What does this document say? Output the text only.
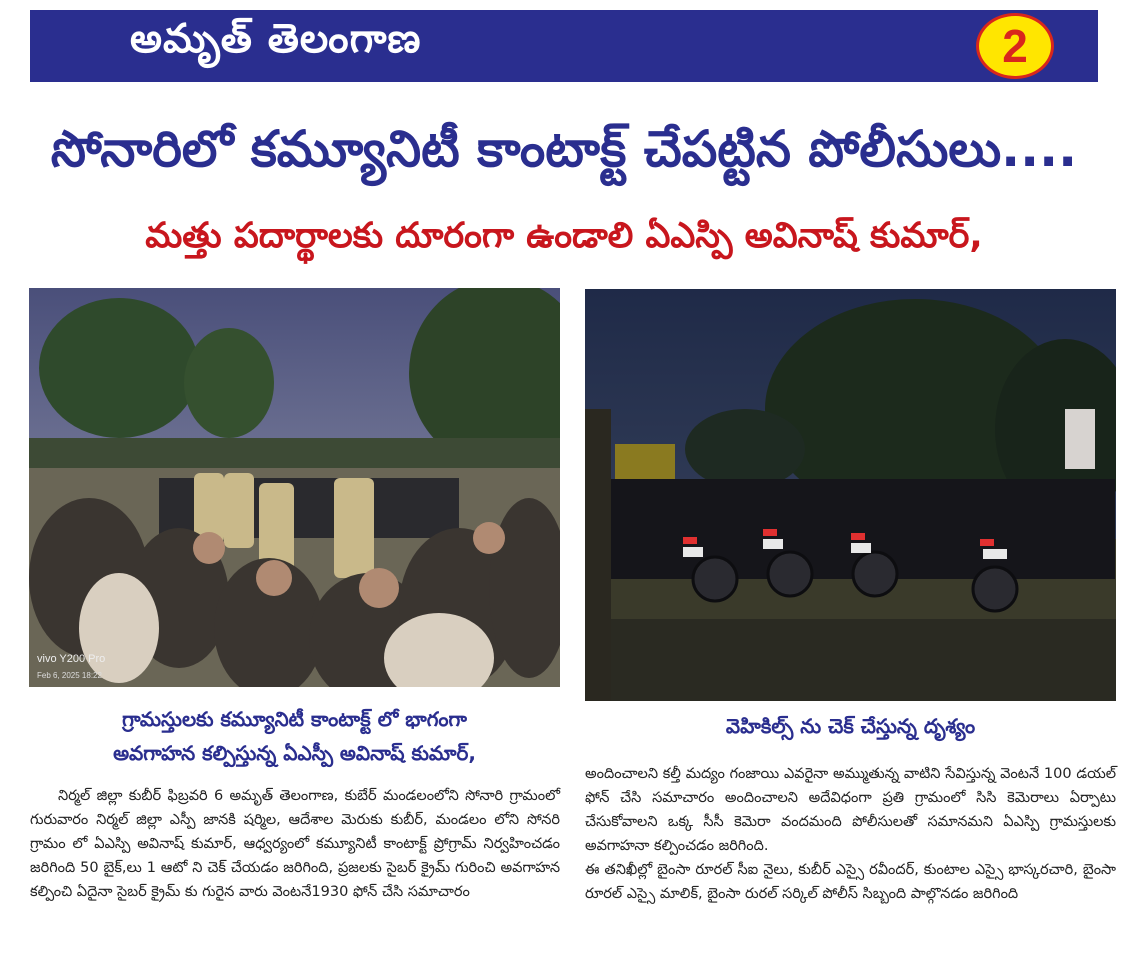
అమృత్ తెలంగాణ	2
సోనారిలో కమ్యూనిటీ కాంటాక్ట్ చేపట్టిన పోలీసులు....
మత్తు పదార్థాలకు దూరంగా ఉండాలి ఏఎస్పి అవినాష్ కుమార్,
vivo Y200 Pro
Feb 6, 2025 18:22
గ్రామస్తులకు కమ్యూనిటీ కాంటాక్ట్ లో భాగంగా
అవగాహన కల్పిస్తున్న ఏఎస్పీ అవినాష్ కుమార్,
వెహికిల్స్ ను చెక్ చేస్తున్న దృశ్యం
నిర్మల్ జిల్లా కుబీర్ ఫిబ్రవరి 6 అమృత్ తెలంగాణ, కుబేర్ మండలంలోని సోనారి గ్రామంలో గురువారం నిర్మల్ జిల్లా ఎస్పీ జానకి షర్మిల, ఆదేశాల మెరుకు కుబీర్, మండలం లోని సోనరి గ్రామం లో ఏఎస్పి అవినాష్ కుమార్, ఆధ్వర్యంలో కమ్యూనిటీ కాంటాక్ట్ ప్రోగ్రామ్ నిర్వహించడం జరిగింది 50 బైక్,లు 1 ఆటో ని చెక్ చేయడం జరిగింది, ప్రజలకు సైబర్ క్రైమ్ గురించి అవగాహన కల్పించి ఏదైనా సైబర్ క్రైమ్ కు గురైన వారు వెంటనే1930 ఫోన్ చేసి సమాచారం
అందించాలని కల్తీ మద్యం గంజాయి ఎవరైనా అమ్ముతున్న వాటిని సేవిస్తున్న వెంటనే 100 డయల్ ఫోన్ చేసి సమాచారం అందించాలని అదేవిధంగా ప్రతి గ్రామంలో సిసి కెమెరాలు ఏర్పాటు చేసుకోవాలని ఒక్క సీసీ కెమెరా వందమంది పోలీసులతో సమానమని ఏఎస్పి గ్రామస్తులకు అవగాహనా కల్పించడం జరిగింది.
ఈ తనిఖీల్లో బైంసా రూరల్ సీఐ నైలు, కుబీర్ ఎస్సై రవీందర్, కుంటాల ఎస్సై భాస్కరచారి, బైంసా రూరల్ ఎస్సై మాలిక్, బైంసా రురల్ సర్కిల్ పోలీస్ సిబ్బంది పాల్గొనడం జరిగింది
